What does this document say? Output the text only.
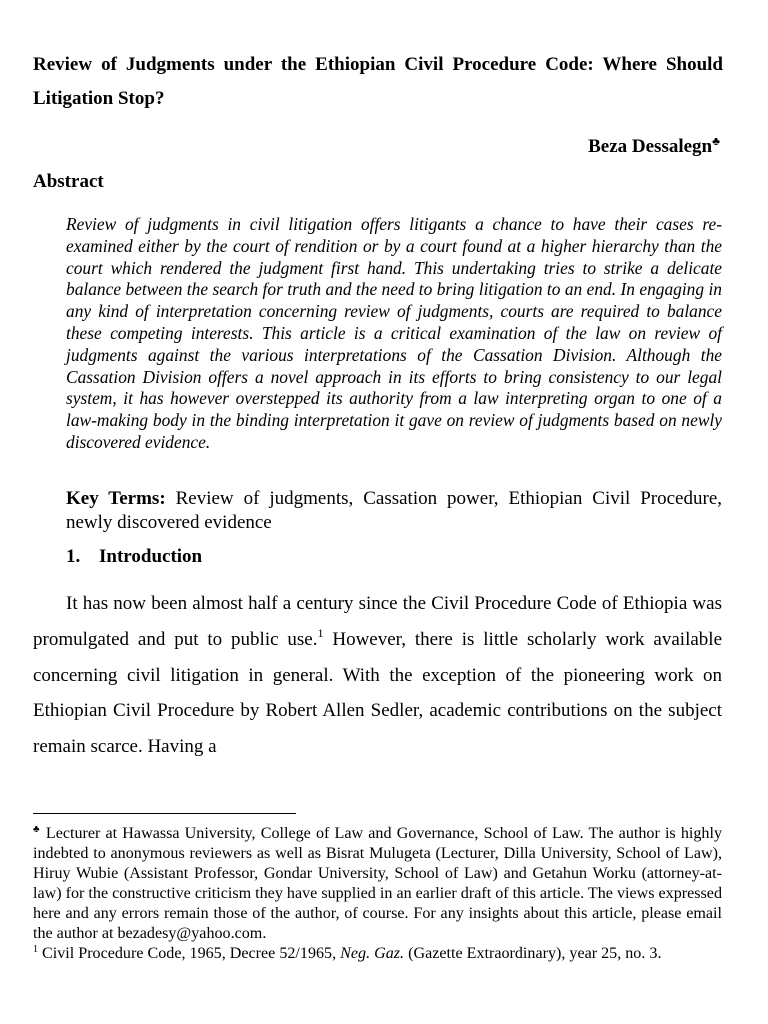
Review of Judgments under the Ethiopian Civil Procedure Code: Where Should Litigation Stop?

Beza Dessalegn♣

Abstract

Review of judgments in civil litigation offers litigants a chance to have their cases re-examined either by the court of rendition or by a court found at a higher hierarchy than the court which rendered the judgment first hand. This undertaking tries to strike a delicate balance between the search for truth and the need to bring litigation to an end. In engaging in any kind of interpretation concerning review of judgments, courts are required to balance these competing interests. This article is a critical examination of the law on review of judgments against the various interpretations of the Cassation Division. Although the Cassation Division offers a novel approach in its efforts to bring consistency to our legal system, it has however overstepped its authority from a law interpreting organ to one of a law-making body in the binding interpretation it gave on review of judgments based on newly discovered evidence.

Key Terms: Review of judgments, Cassation power, Ethiopian Civil Procedure, newly discovered evidence

1. Introduction

It has now been almost half a century since the Civil Procedure Code of Ethiopia was promulgated and put to public use.$^1$ However, there is little scholarly work available concerning civil litigation in general. With the exception of the pioneering work on Ethiopian Civil Procedure by Robert Allen Sedler, academic contributions on the subject remain scarce. Having a

♣ Lecturer at Hawassa University, College of Law and Governance, School of Law. The author is highly indebted to anonymous reviewers as well as Bisrat Mulugeta (Lecturer, Dilla University, School of Law), Hiruy Wubie (Assistant Professor, Gondar University, School of Law) and Getahun Worku (attorney-at-law) for the constructive criticism they have supplied in an earlier draft of this article. The views expressed here and any errors remain those of the author, of course. For any insights about this article, please email the author at bezadesy@yahoo.com.

$^1$ Civil Procedure Code, 1965, Decree 52/1965, Neg. Gaz. (Gazette Extraordinary), year 25, no. 3.
